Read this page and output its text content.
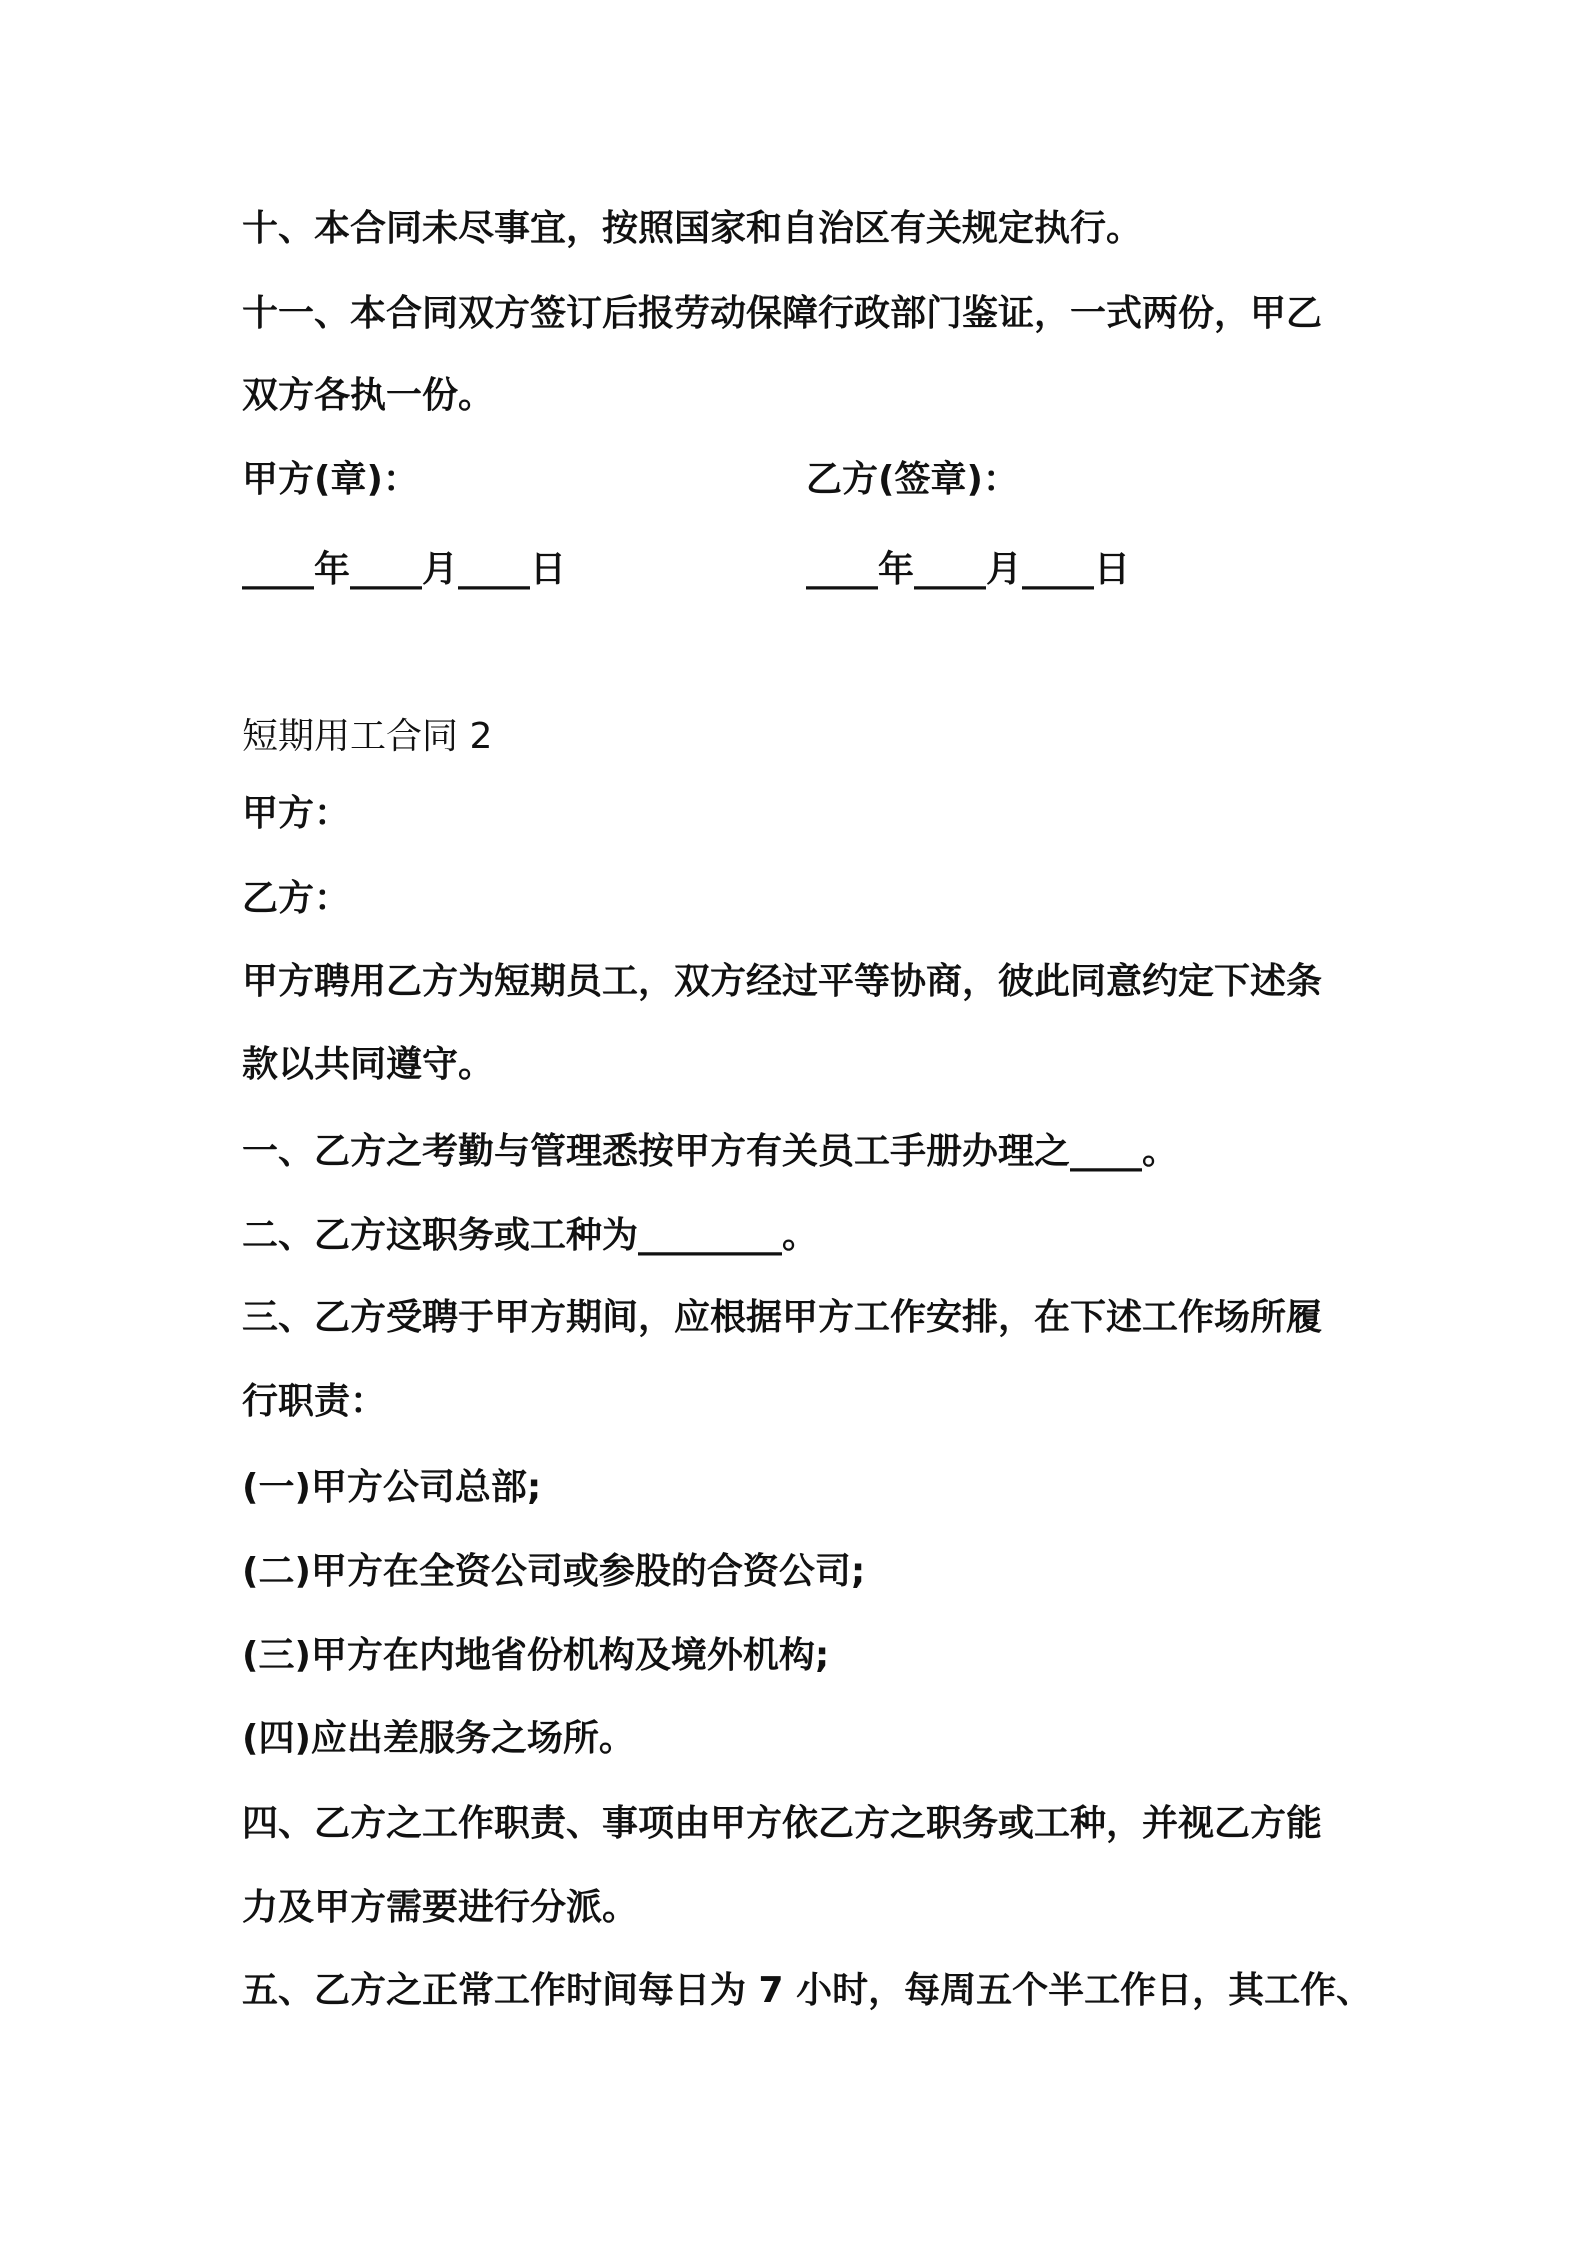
十、本合同未尽事宜，按照国家和自治区有关规定执行。
十一、本合同双方签订后报劳动保障行政部门鉴证，一式两份，甲乙
双方各执一份。
甲方(章)：	乙方(签章)：
____年____月____日	____年____月____日
短期用工合同 2
甲方：
乙方：
甲方聘用乙方为短期员工，双方经过平等协商，彼此同意约定下述条
款以共同遵守。
一、乙方之考勤与管理悉按甲方有关员工手册办理之____。
二、乙方这职务或工种为________。
三、乙方受聘于甲方期间，应根据甲方工作安排，在下述工作场所履
行职责：
(一)甲方公司总部;
(二)甲方在全资公司或参股的合资公司;
(三)甲方在内地省份机构及境外机构;
(四)应出差服务之场所。
四、乙方之工作职责、事项由甲方依乙方之职务或工种，并视乙方能
力及甲方需要进行分派。
五、乙方之正常工作时间每日为 7 小时，每周五个半工作日，其工作、
